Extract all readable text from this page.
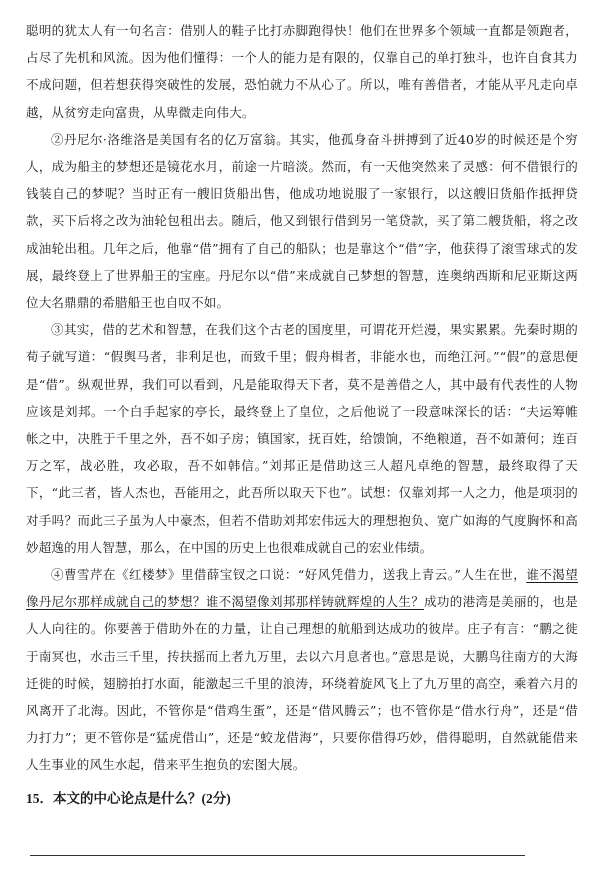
聪明的犹太人有一句名言：借别人的鞋子比打赤脚跑得快！他们在世界多个领域一直都是领跑者，占尽了先机和风流。因为他们懂得：一个人的能力是有限的，仅靠自己的单打独斗，也许自食其力不成问题，但若想获得突破性的发展，恐怕就力不从心了。所以，唯有善借者，才能从平凡走向卓越，从贫穷走向富贵，从卑微走向伟大。

②丹尼尔·洛维洛是美国有名的亿万富翁。其实，他孤身奋斗拼搏到了近40岁的时候还是个穷人，成为船主的梦想还是镜花水月，前途一片暗淡。然而，有一天他突然来了灵感：何不借银行的钱装自己的梦呢？当时正有一艘旧货船出售，他成功地说服了一家银行，以这艘旧货船作抵押贷款，买下后将之改为油轮包租出去。随后，他又到银行借到另一笔贷款，买了第二艘货船，将之改成油轮出租。几年之后，他靠“借”拥有了自己的船队；也是靠这个“借”字，他获得了滚雪球式的发展，最终登上了世界船王的宝座。丹尼尔以“借”来成就自己梦想的智慧，连奥纳西斯和尼亚斯这两位大名鼎鼎的希腊船王也自叹不如。

③其实，借的艺术和智慧，在我们这个古老的国度里，可谓花开烂漫，果实累累。先秦时期的荀子就写道：“假舆马者，非利足也，而致千里；假舟楫者，非能水也，而绝江河。”“假”的意思便是“借”。纵观世界，我们可以看到，凡是能取得天下者，莫不是善借之人，其中最有代表性的人物应该是刘邦。一个白手起家的亭长，最终登上了皇位，之后他说了一段意味深长的话：“夫运筹帷帐之中，决胜于千里之外，吾不如子房；镇国家，抚百姓，给馈饷，不绝粮道，吾不如萧何；连百万之军，战必胜，攻必取，吾不如韩信。”刘邦正是借助这三人超凡卓绝的智慧，最终取得了天下，“此三者，皆人杰也，吾能用之，此吾所以取天下也”。试想：仅靠刘邦一人之力，他是项羽的对手吗？而此三子虽为人中豪杰，但若不借助刘邦宏伟远大的理想抱负、宽广如海的气度胸怀和高妙超逸的用人智慧，那么，在中国的历史上也很难成就自己的宏业伟绩。

④曹雪芹在《红楼梦》里借薛宝钗之口说：“好风凭借力，送我上青云。”人生在世，谁不渴望像丹尼尔那样成就自己的梦想？谁不渴望像刘邦那样铸就辉煌的人生？成功的港湾是美丽的，也是人人向往的。你要善于借助外在的力量，让自己理想的航船到达成功的彼岸。庄子有言：“鹏之徙于南冥也，水击三千里，抟扶摇而上者九万里，去以六月息者也。”意思是说，大鹏鸟往南方的大海迁徙的时候，翅膀拍打水面，能激起三千里的浪涛，环绕着旋风飞上了九万里的高空，乘着六月的风离开了北海。因此，不管你是“借鸡生蛋”，还是“借风腾云”；也不管你是“借水行舟”，还是“借力打力”；更不管你是“猛虎借山”，还是“蛟龙借海”，只要你借得巧妙，借得聪明，自然就能借来人生事业的风生水起，借来平生抱负的宏图大展。

15．本文的中心论点是什么？(2分)
